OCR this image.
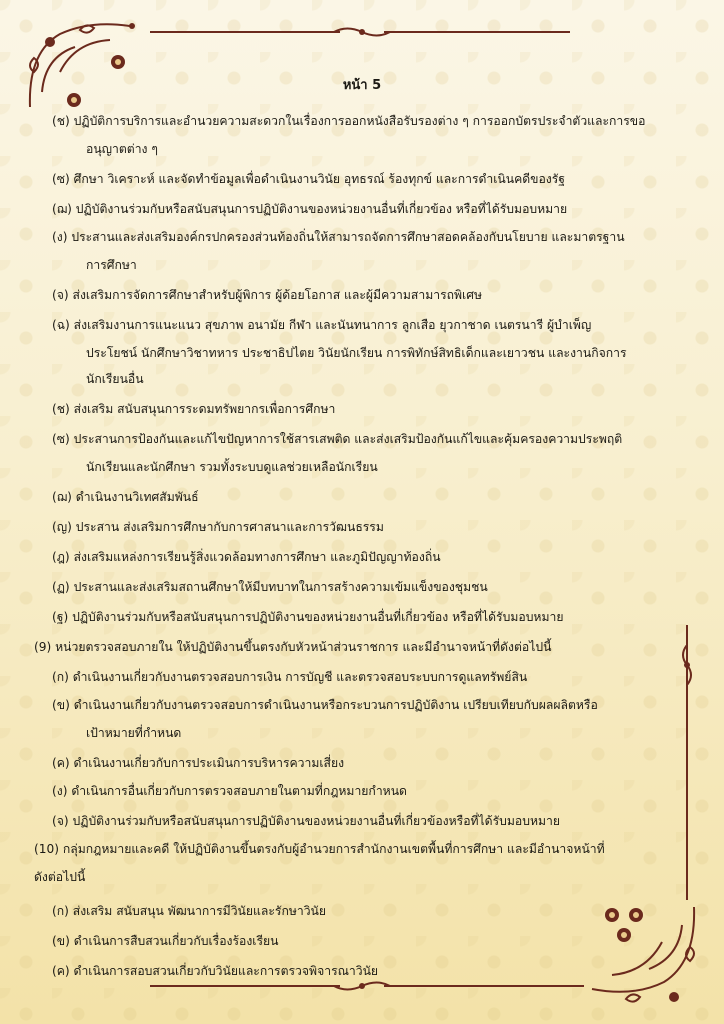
หน้า 5
(ช) ปฏิบัติการบริการและอำนวยความสะดวกในเรื่องการออกหนังสือรับรองต่าง ๆ การออกบัตรประจำตัวและการขอ
อนุญาตต่าง ๆ
(ซ) ศึกษา วิเคราะห์ และจัดทำข้อมูลเพื่อดำเนินงานวินัย อุทธรณ์ ร้องทุกข์ และการดำเนินคดีของรัฐ
(ฌ) ปฏิบัติงานร่วมกับหรือสนับสนุนการปฏิบัติงานของหน่วยงานอื่นที่เกี่ยวข้อง หรือที่ได้รับมอบหมาย
(ง) ประสานและส่งเสริมองค์กรปกครองส่วนท้องถิ่นให้สามารถจัดการศึกษาสอดคล้องกับนโยบาย และมาตรฐาน
การศึกษา
(จ) ส่งเสริมการจัดการศึกษาสำหรับผู้พิการ ผู้ด้อยโอกาส และผู้มีความสามารถพิเศษ
(ฉ) ส่งเสริมงานการแนะแนว สุขภาพ อนามัย กีฬา และนันทนาการ ลูกเสือ ยุวกาชาด เนตรนารี ผู้บำเพ็ญ
ประโยชน์ นักศึกษาวิชาทหาร ประชาธิปไตย วินัยนักเรียน การพิทักษ์สิทธิเด็กและเยาวชน และงานกิจการ
นักเรียนอื่น
(ช) ส่งเสริม สนับสนุนการระดมทรัพยากรเพื่อการศึกษา
(ซ) ประสานการป้องกันและแก้ไขปัญหาการใช้สารเสพติด และส่งเสริมป้องกันแก้ไขและคุ้มครองความประพฤติ
นักเรียนและนักศึกษา รวมทั้งระบบดูแลช่วยเหลือนักเรียน
(ฌ) ดำเนินงานวิเทศสัมพันธ์
(ญ) ประสาน ส่งเสริมการศึกษากับการศาสนาและการวัฒนธรรม
(ฎ) ส่งเสริมแหล่งการเรียนรู้สิ่งแวดล้อมทางการศึกษา และภูมิปัญญาท้องถิ่น
(ฏ) ประสานและส่งเสริมสถานศึกษาให้มีบทบาทในการสร้างความเข้มแข็งของชุมชน
(ฐ) ปฏิบัติงานร่วมกับหรือสนับสนุนการปฏิบัติงานของหน่วยงานอื่นที่เกี่ยวข้อง หรือที่ได้รับมอบหมาย
(9) หน่วยตรวจสอบภายใน ให้ปฏิบัติงานขึ้นตรงกับหัวหน้าส่วนราชการ และมีอำนาจหน้าที่ดังต่อไปนี้
(ก) ดำเนินงานเกี่ยวกับงานตรวจสอบการเงิน การบัญชี และตรวจสอบระบบการดูแลทรัพย์สิน
(ข) ดำเนินงานเกี่ยวกับงานตรวจสอบการดำเนินงานหรือกระบวนการปฏิบัติงาน เปรียบเทียบกับผลผลิตหรือ
เป้าหมายที่กำหนด
(ค) ดำเนินงานเกี่ยวกับการประเมินการบริหารความเสี่ยง
(ง) ดำเนินการอื่นเกี่ยวกับการตรวจสอบภายในตามที่กฎหมายกำหนด
(จ) ปฏิบัติงานร่วมกับหรือสนับสนุนการปฏิบัติงานของหน่วยงานอื่นที่เกี่ยวข้องหรือที่ได้รับมอบหมาย
(10) กลุ่มกฎหมายและคดี ให้ปฏิบัติงานขึ้นตรงกับผู้อำนวยการสำนักงานเขตพื้นที่การศึกษา และมีอำนาจหน้าที่
ดังต่อไปนี้
(ก) ส่งเสริม สนับสนุน พัฒนาการมีวินัยและรักษาวินัย
(ข) ดำเนินการสืบสวนเกี่ยวกับเรื่องร้องเรียน
(ค) ดำเนินการสอบสวนเกี่ยวกับวินัยและการตรวจพิจารณาวินัย
